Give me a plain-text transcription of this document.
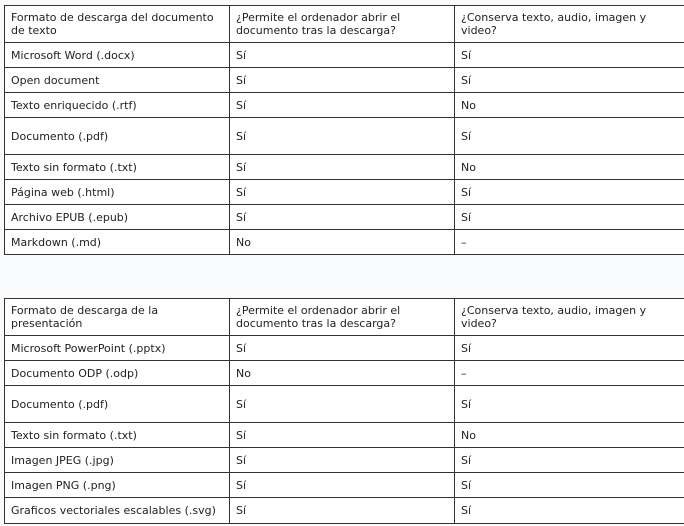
Formato de descarga del documento de texto	¿Permite el ordenador abrir el documento tras la descarga?	¿Conserva texto, audio, imagen y video?
Microsoft Word (.docx)	Sí	Sí
Open document	Sí	Sí
Texto enriquecido (.rtf)	Sí	No
Documento (.pdf)	Sí	Sí
Texto sin formato (.txt)	Sí	No
Página web (.html)	Sí	Sí
Archivo EPUB (.epub)	Sí	Sí
Markdown (.md)	No	–
Formato de descarga de la presentación	¿Permite el ordenador abrir el documento tras la descarga?	¿Conserva texto, audio, imagen y video?
Microsoft PowerPoint (.pptx)	Sí	Sí
Documento ODP (.odp)	No	–
Documento (.pdf)	Sí	Sí
Texto sin formato (.txt)	Sí	No
Imagen JPEG (.jpg)	Sí	Sí
Imagen PNG (.png)	Sí	Sí
Graficos vectoriales escalables (.svg)	Sí	Sí
